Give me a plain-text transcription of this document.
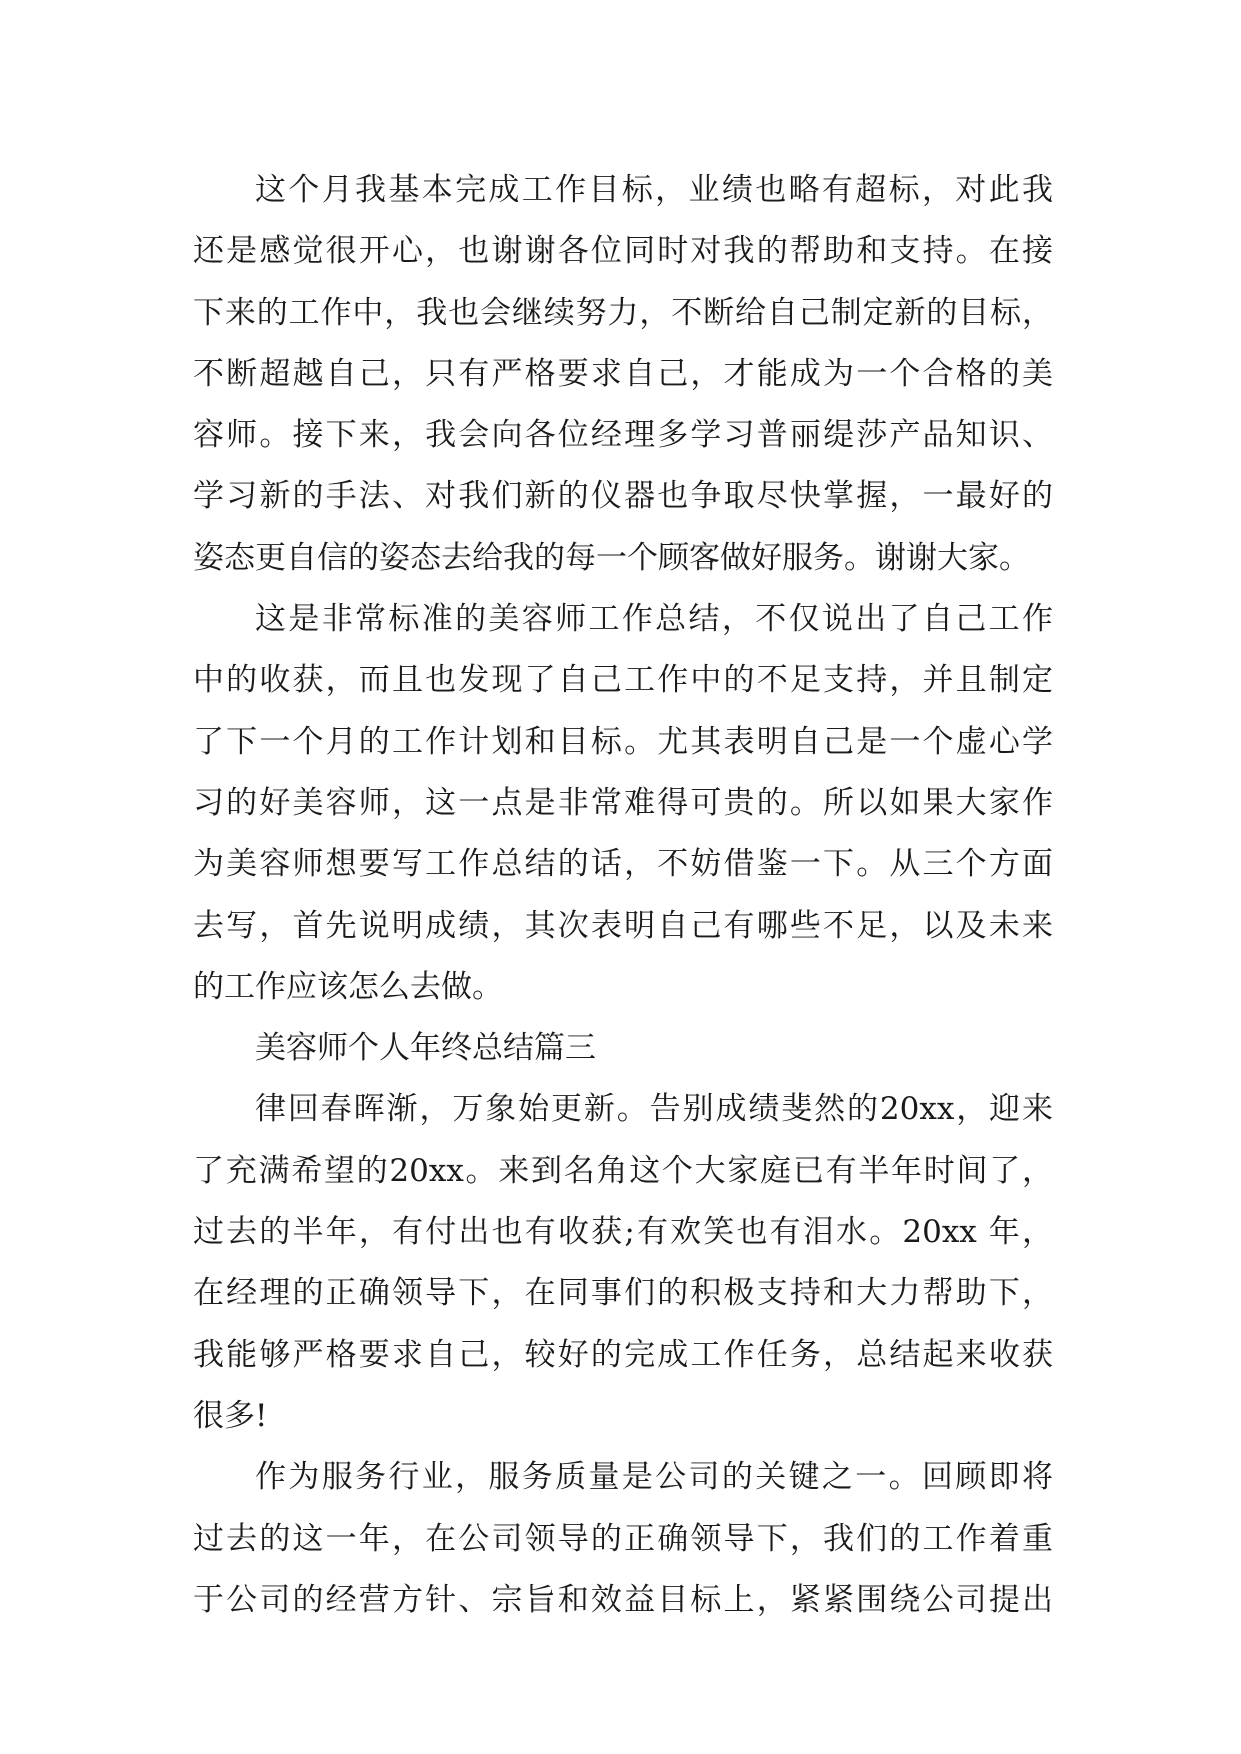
这个月我基本完成工作目标，业绩也略有超标，对此我
还是感觉很开心，也谢谢各位同时对我的帮助和支持。在接
下来的工作中，我也会继续努力，不断给自己制定新的目标，
不断超越自己，只有严格要求自己，才能成为一个合格的美
容师。接下来，我会向各位经理多学习普丽缇莎产品知识、
学习新的手法、对我们新的仪器也争取尽快掌握，一最好的
姿态更自信的姿态去给我的每一个顾客做好服务。谢谢大家。
这是非常标准的美容师工作总结，不仅说出了自己工作
中的收获，而且也发现了自己工作中的不足支持，并且制定
了下一个月的工作计划和目标。尤其表明自己是一个虚心学
习的好美容师，这一点是非常难得可贵的。所以如果大家作
为美容师想要写工作总结的话，不妨借鉴一下。从三个方面
去写，首先说明成绩，其次表明自己有哪些不足，以及未来
的工作应该怎么去做。
美容师个人年终总结篇三
律回春晖渐，万象始更新。告别成绩斐然的20xx，迎来
了充满希望的20xx。来到名角这个大家庭已有半年时间了，
过去的半年，有付出也有收获;有欢笑也有泪水。20xx 年，
在经理的正确领导下，在同事们的积极支持和大力帮助下，
我能够严格要求自己，较好的完成工作任务，总结起来收获
很多!
作为服务行业，服务质量是公司的关键之一。回顾即将
过去的这一年，在公司领导的正确领导下，我们的工作着重
于公司的经营方针、宗旨和效益目标上，紧紧围绕公司提出
